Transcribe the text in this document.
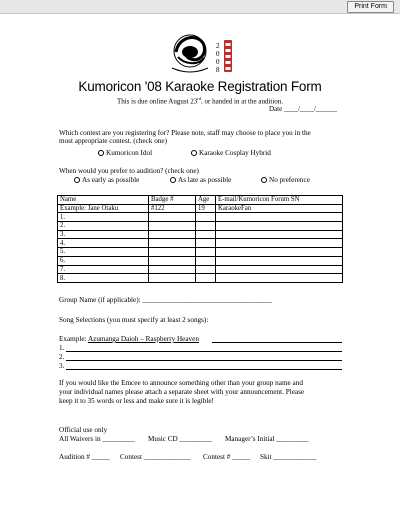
Print Form
2
0
0
8
Kumoricon '08 Karaoke Registration Form
This is due online August 23rd, or handed in at the audition.
Date ____/____/______
Which contest are you registering for? Please note, staff may choose to place you in the
most appropriate contest. (check one)
Kumoricon Idol	Karaoke Cosplay Hybrid
When would you prefer to audition? (check one)
As early as possible	As late as possible	No preference
Name	Badge #	Age	E-mail/Kumoricon Forum SN
Example: Jane Otaku	#122	19	KaraokeFan
1.			
2.			
3.			
4.			
5.			
6.			
7.			
8.			
Group Name (if applicable): ____________________________________
Song Selections (you must specify at least 2 songs):
Example: Azumanga Daioh – Raspberry Heaven
1.
2.
3.
If you would like the Emcee to announce something other than your group name and
your individual names please attach a separate sheet with your announcement. Please
keep it to 35 words or less and make sure it is legible!
Official use only
All Waivers in _________ Music CD _________ Manager’s Initial _________
Audition # _____ Contest _____________ Contest # _____ Skit ____________
